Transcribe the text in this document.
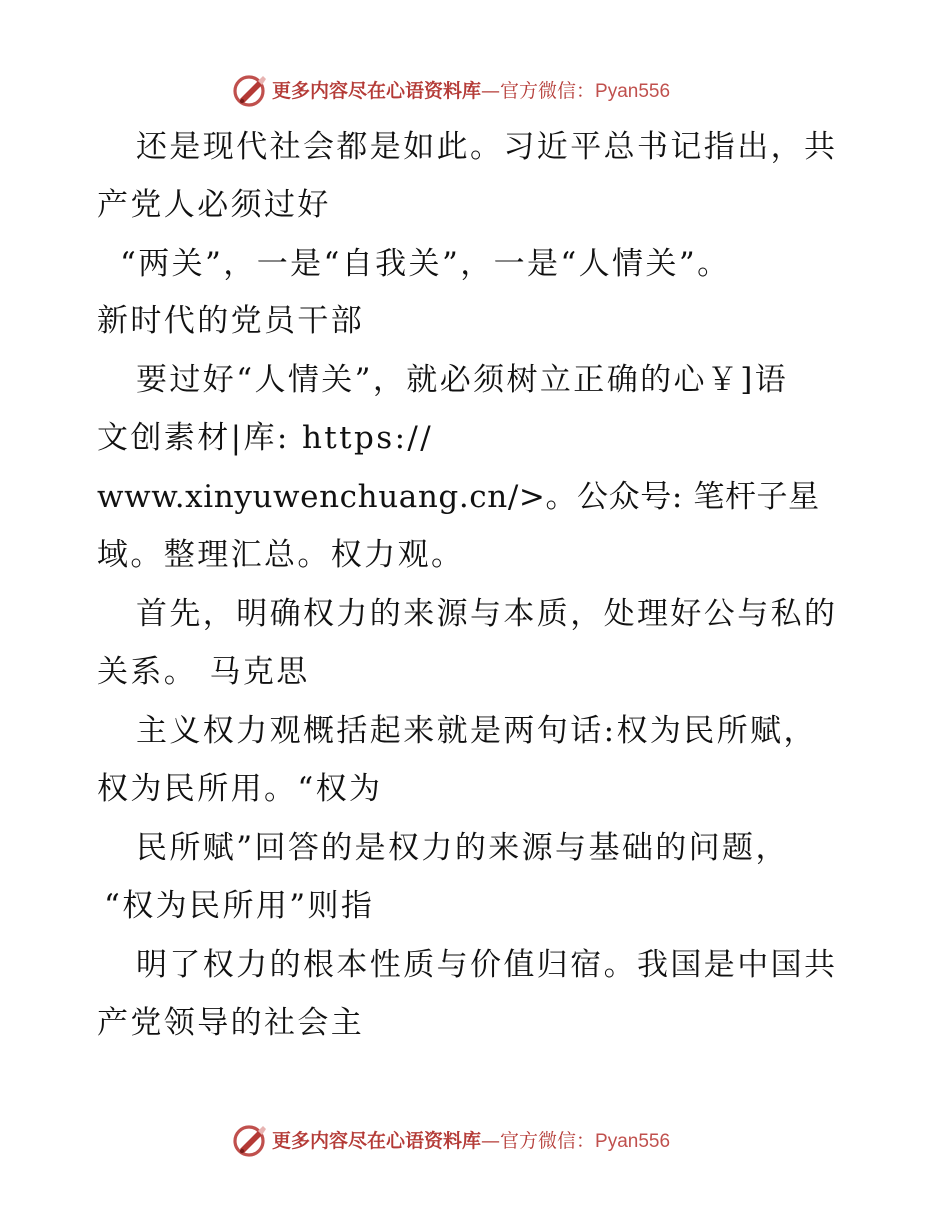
更多内容尽在心语资料库—官方微信：Pyan556
还是现代社会都是如此。习近平总书记指出，共
产党人必须过好
“两关”，一是“自我关”，一是“人情关”。
新时代的党员干部
要过好“人情关”，就必须树立正确的心￥]语
文创素材|库: https://
www.xinyuwenchuang.cn/>。公众号: 笔杆子星
域。整理汇总。权力观。
首先，明确权力的来源与本质，处理好公与私的
关系。 马克思
主义权力观概括起来就是两句话:权为民所赋，
权为民所用。“权为
民所赋”回答的是权力的来源与基础的问题，
“权为民所用”则指
明了权力的根本性质与价值归宿。我国是中国共
产党领导的社会主
更多内容尽在心语资料库—官方微信：Pyan556
